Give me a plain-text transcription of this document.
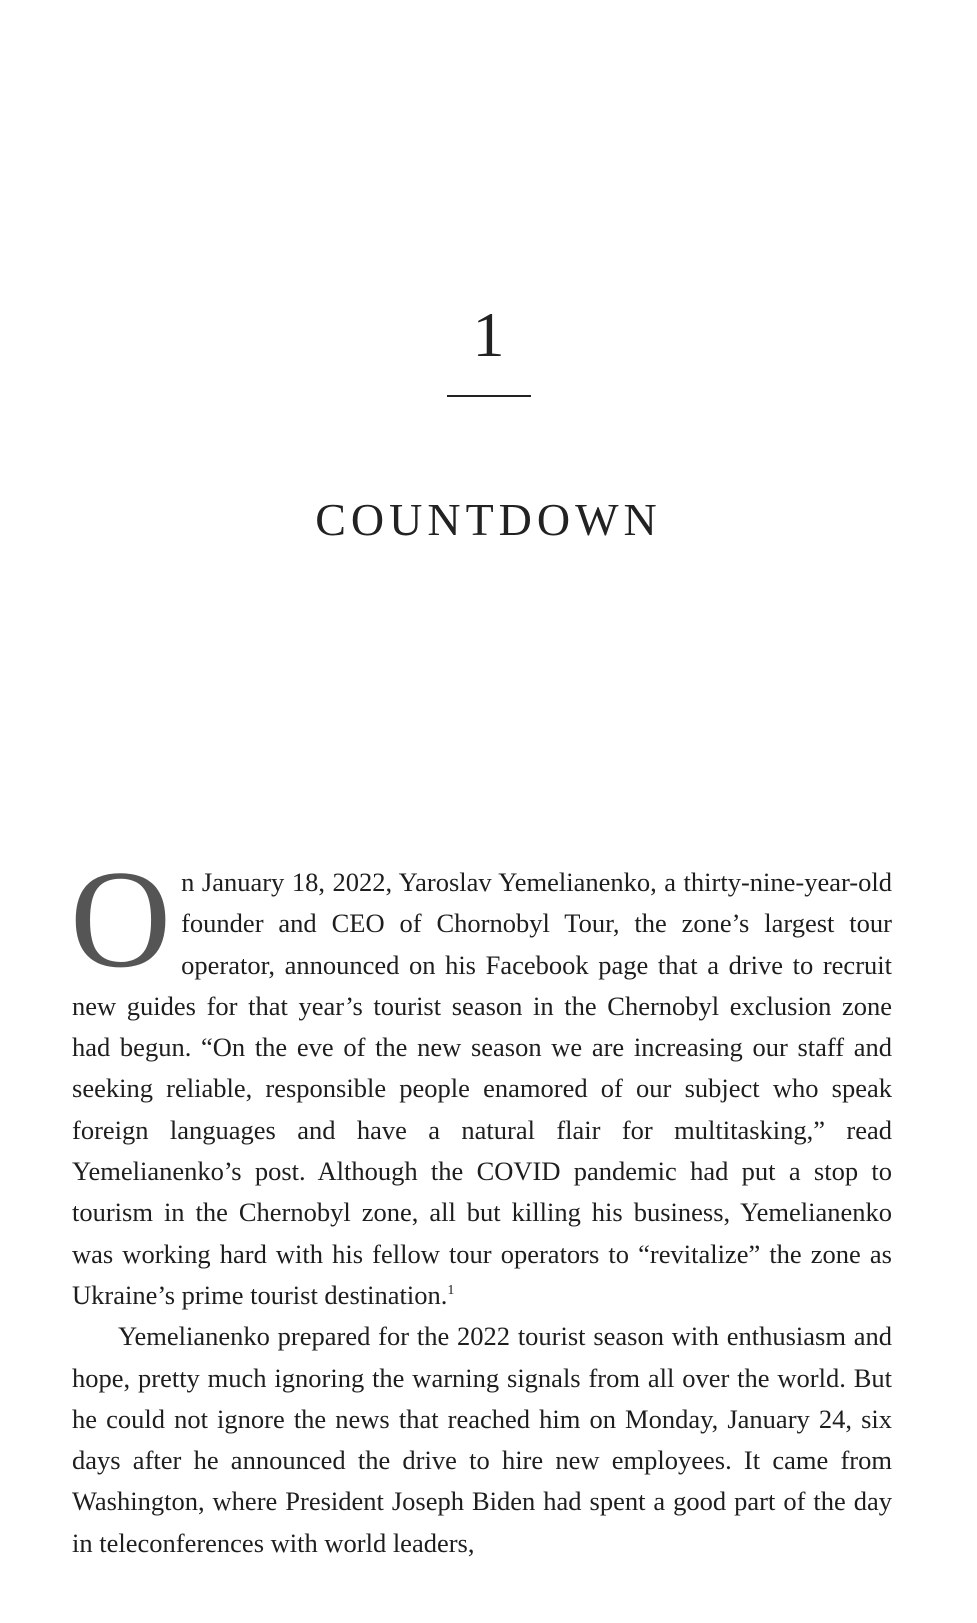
1
COUNTDOWN

On January 18, 2022, Yaroslav Yemelianenko, a thirty-nine-year-old founder and CEO of Chornobyl Tour, the zone’s largest tour operator, announced on his Facebook page that a drive to recruit new guides for that year’s tourist season in the Chernobyl exclusion zone had begun. “On the eve of the new season we are increasing our staff and seeking reliable, responsible people enamored of our subject who speak foreign languages and have a natural flair for multitasking,” read Yemelianenko’s post. Although the COVID pandemic had put a stop to tourism in the Chernobyl zone, all but killing his business, Yemelianenko was working hard with his fellow tour operators to “revitalize” the zone as Ukraine’s prime tourist destination.$^1$

Yemelianenko prepared for the 2022 tourist season with enthusiasm and hope, pretty much ignoring the warning signals from all over the world. But he could not ignore the news that reached him on Monday, January 24, six days after he announced the drive to hire new employees. It came from Washington, where President Joseph Biden had spent a good part of the day in teleconferences with world leaders,
